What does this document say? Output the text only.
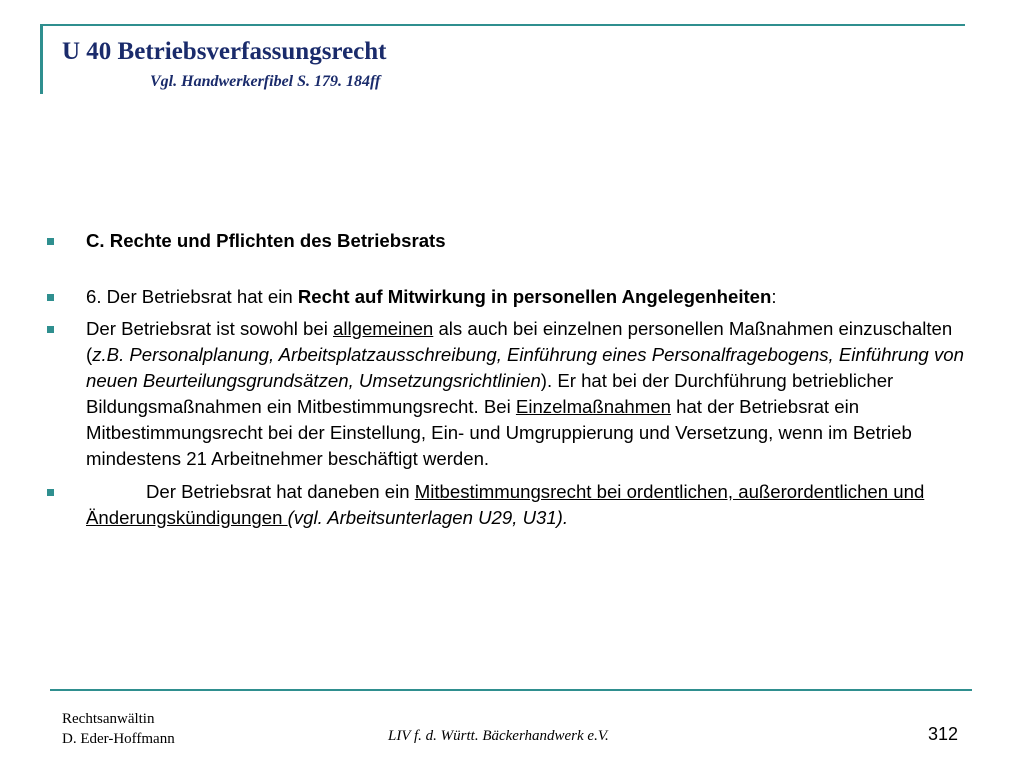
U 40 Betriebsverfassungsrecht
Vgl. Handwerkerfibel S. 179. 184ff
C. Rechte und Pflichten des Betriebsrats
6. Der Betriebsrat hat ein Recht auf Mitwirkung in personellen Angelegenheiten:
Der Betriebsrat ist sowohl bei allgemeinen als auch bei einzelnen personellen Maßnahmen einzuschalten (z.B. Personalplanung, Arbeitsplatzausschreibung, Einführung eines Personalfragebogens, Einführung von neuen Beurteilungsgrundsätzen, Umsetzungsrichtlinien). Er hat bei der Durchführung betrieblicher Bildungsmaßnahmen ein Mitbestimmungsrecht. Bei Einzelmaßnahmen hat der Betriebsrat ein Mitbestimmungsrecht bei der Einstellung, Ein- und Umgruppierung und Versetzung, wenn im Betrieb mindestens 21 Arbeitnehmer beschäftigt werden.
Der Betriebsrat hat daneben ein Mitbestimmungsrecht bei ordentlichen, außerordentlichen und Änderungskündigungen (vgl. Arbeitsunterlagen U29, U31).
Rechtsanwältin
D. Eder-Hoffmann	LIV f. d. Württ. Bäckerhandwerk e.V.	312
